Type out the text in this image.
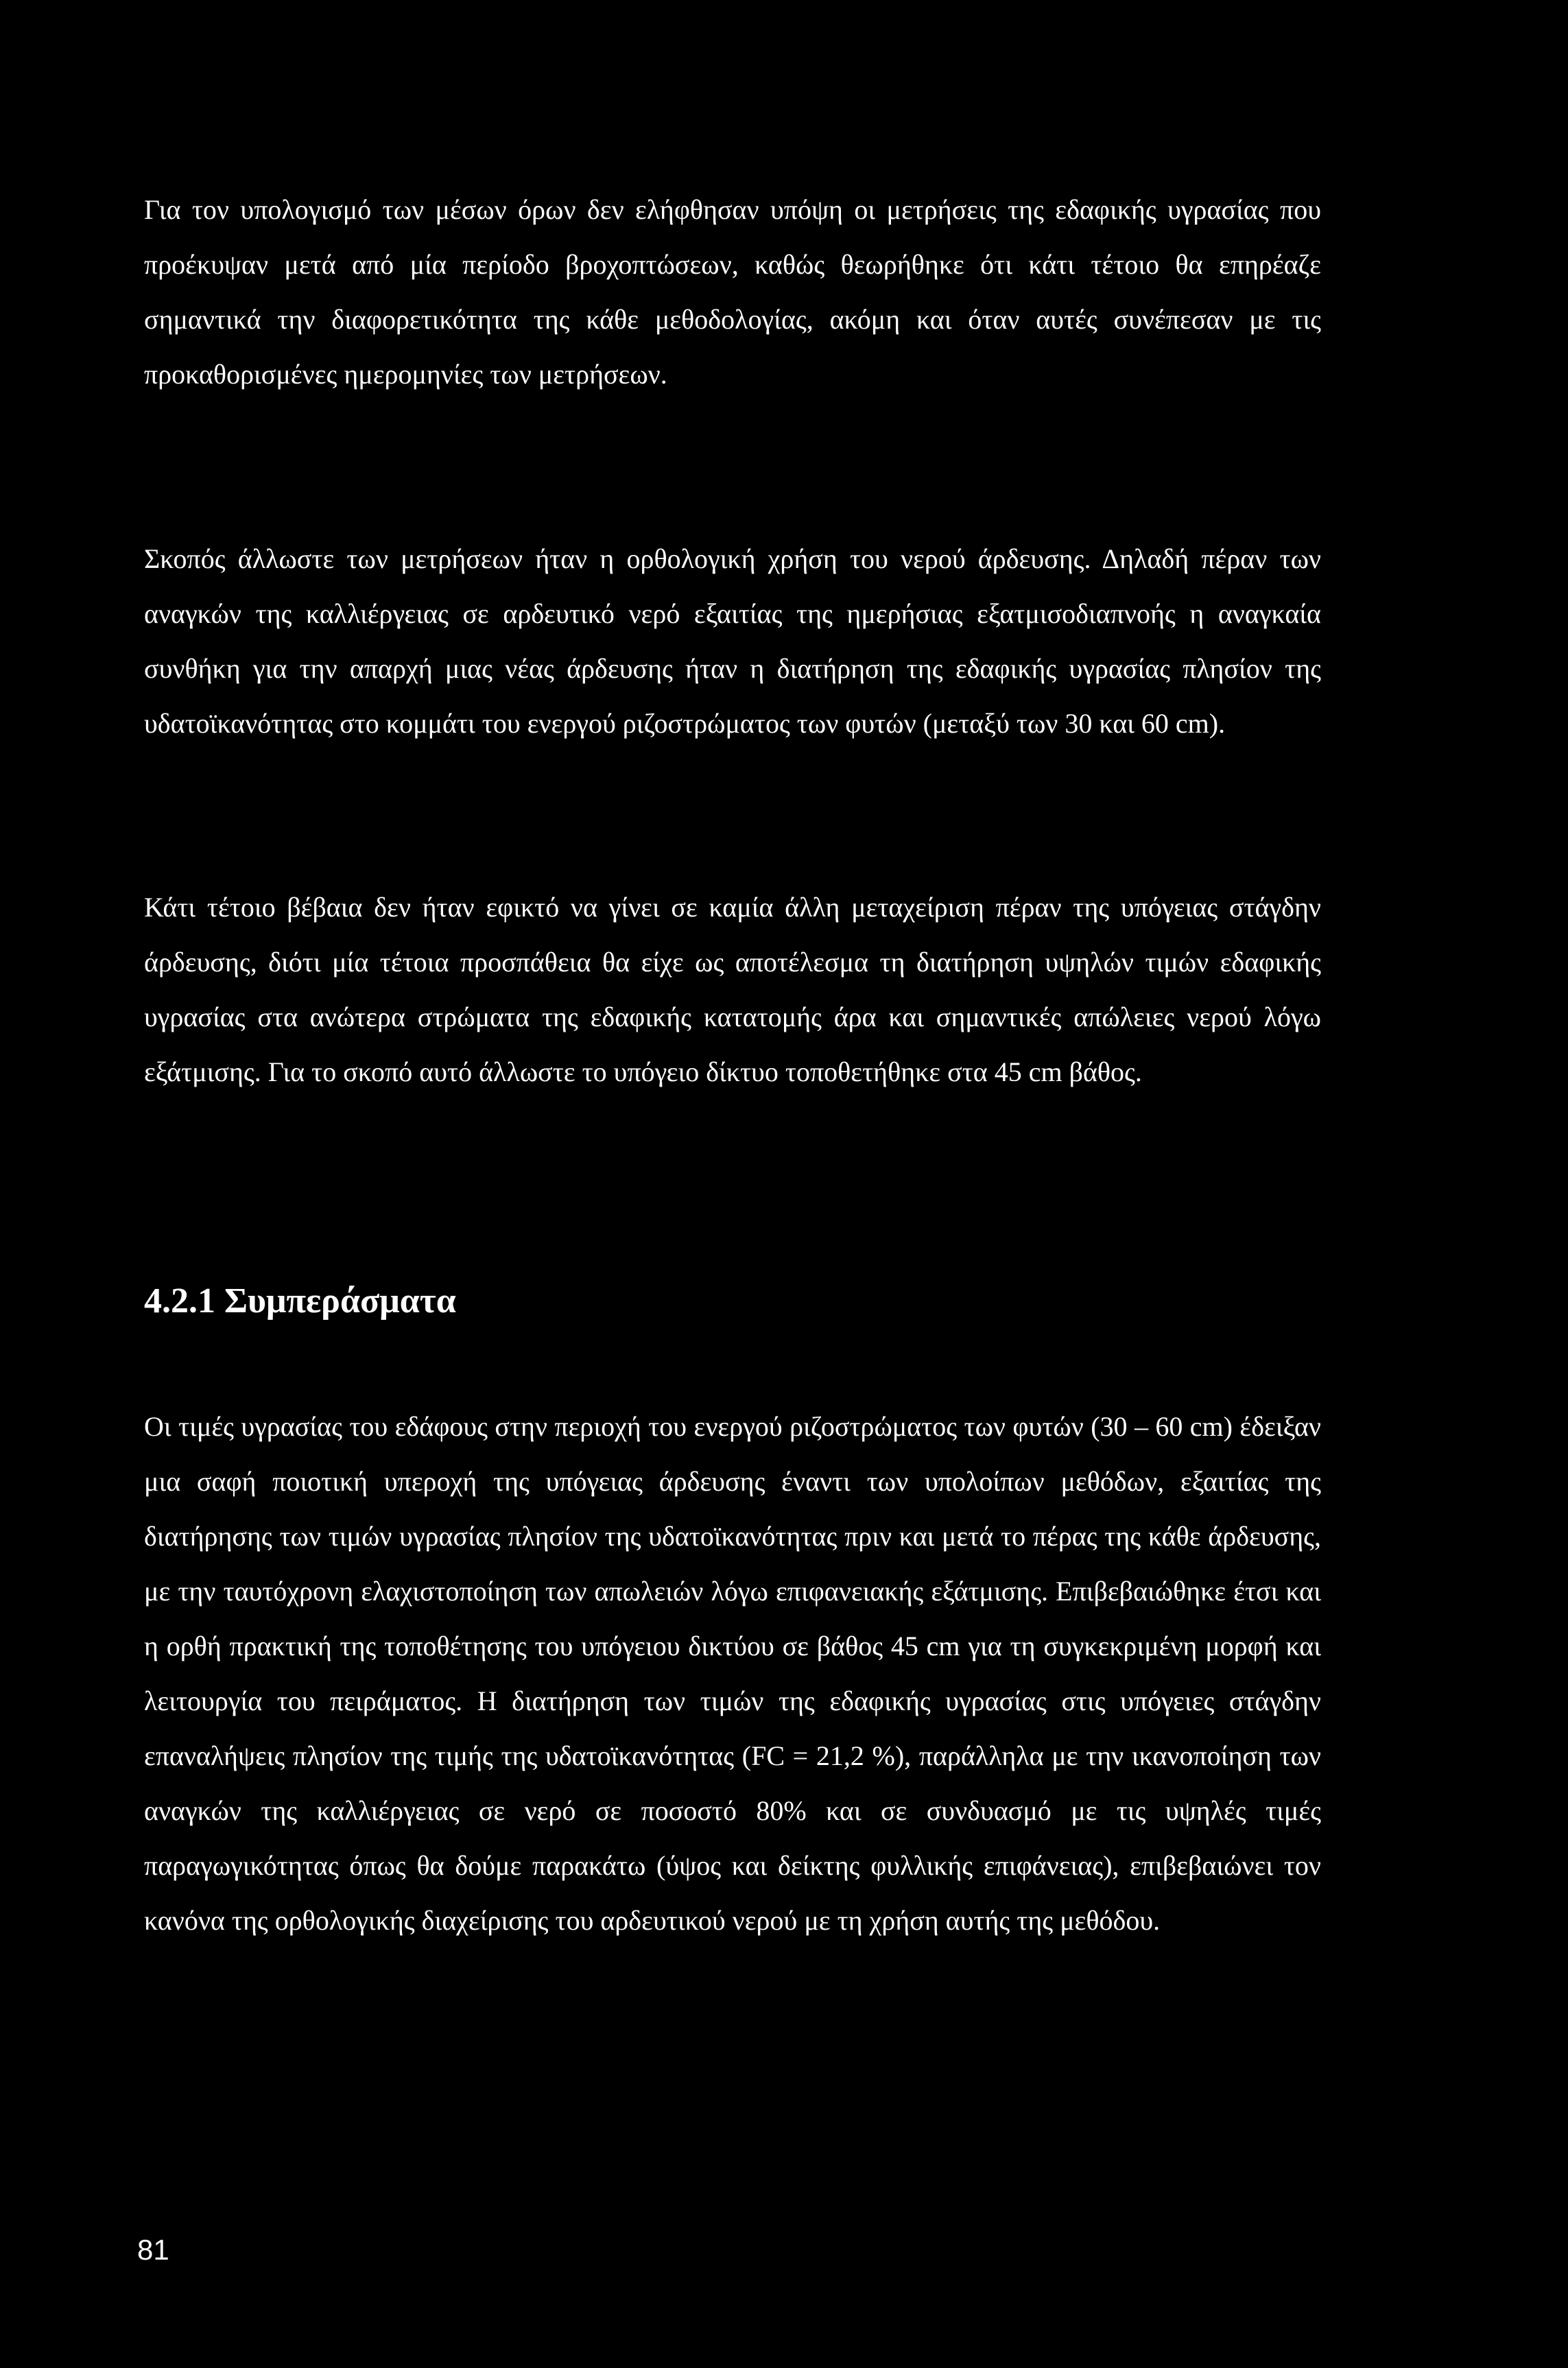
Για τον υπολογισμό των μέσων όρων δεν ελήφθησαν υπόψη οι μετρήσεις της εδαφικής υγρασίας που προέκυψαν μετά από μία περίοδο βροχοπτώσεων, καθώς θεωρήθηκε ότι κάτι τέτοιο θα επηρέαζε σημαντικά την διαφορετικότητα της κάθε μεθοδολογίας, ακόμη και όταν αυτές συνέπεσαν με τις προκαθορισμένες ημερομηνίες των μετρήσεων.

Σκοπός άλλωστε των μετρήσεων ήταν η ορθολογική χρήση του νερού άρδευσης. Δηλαδή πέραν των αναγκών της καλλιέργειας σε αρδευτικό νερό εξαιτίας της ημερήσιας εξατμισοδιαπνοής η αναγκαία συνθήκη για την απαρχή μιας νέας άρδευσης ήταν η διατήρηση της εδαφικής υγρασίας πλησίον της υδατοϊκανότητας στο κομμάτι του ενεργού ριζοστρώματος των φυτών (μεταξύ των 30 και 60 cm).

Κάτι τέτοιο βέβαια δεν ήταν εφικτό να γίνει σε καμία άλλη μεταχείριση πέραν της υπόγειας στάγδην άρδευσης, διότι μία τέτοια προσπάθεια θα είχε ως αποτέλεσμα τη διατήρηση υψηλών τιμών εδαφικής υγρασίας στα ανώτερα στρώματα της εδαφικής κατατομής άρα και σημαντικές απώλειες νερού λόγω εξάτμισης. Για το σκοπό αυτό άλλωστε το υπόγειο δίκτυο τοποθετήθηκε στα 45 cm βάθος.

4.2.1 Συμπεράσματα

Οι τιμές υγρασίας του εδάφους στην περιοχή του ενεργού ριζοστρώματος των φυτών (30 – 60 cm) έδειξαν μια σαφή ποιοτική υπεροχή της υπόγειας άρδευσης έναντι των υπολοίπων μεθόδων, εξαιτίας της διατήρησης των τιμών υγρασίας πλησίον της υδατοϊκανότητας πριν και μετά το πέρας της κάθε άρδευσης, με την ταυτόχρονη ελαχιστοποίηση των απωλειών λόγω επιφανειακής εξάτμισης. Επιβεβαιώθηκε έτσι και η ορθή πρακτική της τοποθέτησης του υπόγειου δικτύου σε βάθος 45 cm για τη συγκεκριμένη μορφή και λειτουργία του πειράματος. Η διατήρηση των τιμών της εδαφικής υγρασίας στις υπόγειες στάγδην επαναλήψεις πλησίον της τιμής της υδατοϊκανότητας (FC = 21,2 %), παράλληλα με την ικανοποίηση των αναγκών της καλλιέργειας σε νερό σε ποσοστό 80% και σε συνδυασμό με τις υψηλές τιμές παραγωγικότητας όπως θα δούμε παρακάτω (ύψος και δείκτης φυλλικής επιφάνειας), επιβεβαιώνει τον κανόνα της ορθολογικής διαχείρισης του αρδευτικού νερού με τη χρήση αυτής της μεθόδου.

81
